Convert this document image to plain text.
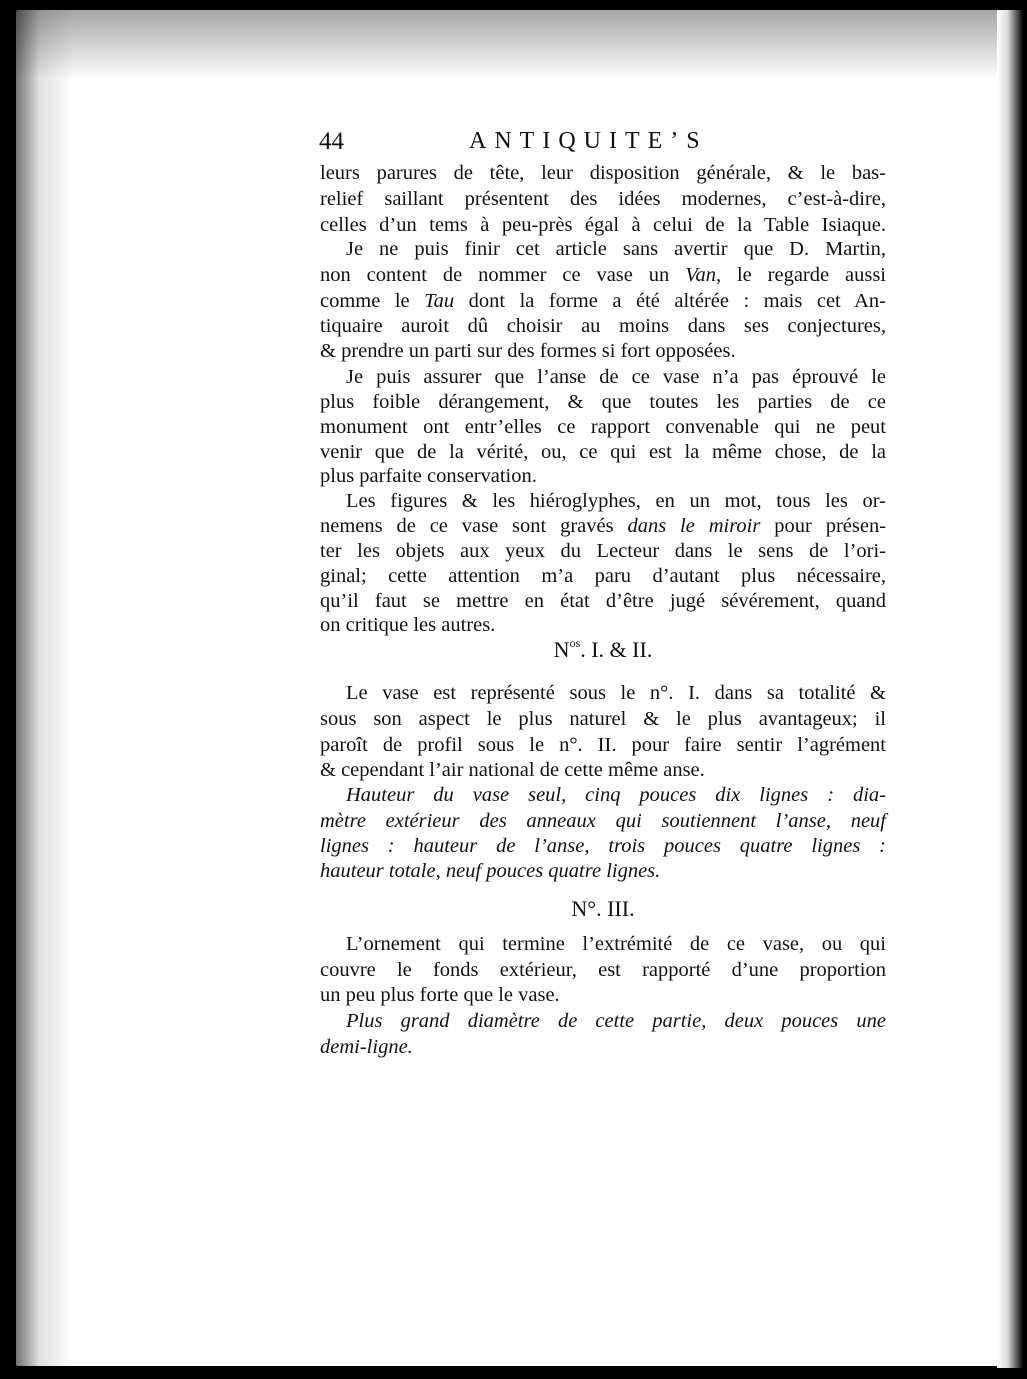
44	ANTIQUITE’S
leurs parures de tête, leur disposition générale, & le bas-
relief saillant présentent des idées modernes, c’est-à-dire,
celles d’un tems à peu-près égal à celui de la Table Isiaque.
Je ne puis finir cet article sans avertir que D. Martin,
non content de nommer ce vase un Van, le regarde aussi
comme le Tau dont la forme a été altérée : mais cet An-
tiquaire auroit dû choisir au moins dans ses conjectures,
& prendre un parti sur des formes si fort opposées.
Je puis assurer que l’anse de ce vase n’a pas éprouvé le
plus foible dérangement, & que toutes les parties de ce
monument ont entr’elles ce rapport convenable qui ne peut
venir que de la vérité, ou, ce qui est la même chose, de la
plus parfaite conservation.
Les figures & les hiéroglyphes, en un mot, tous les or-
nemens de ce vase sont gravés dans le miroir pour présen-
ter les objets aux yeux du Lecteur dans le sens de l’ori-
ginal; cette attention m’a paru d’autant plus nécessaire,
qu’il faut se mettre en état d’être jugé sévérement, quand
on critique les autres.
$N^{os}$. I. & II.
Le vase est représenté sous le n°. I. dans sa totalité &
sous son aspect le plus naturel & le plus avantageux; il
paroît de profil sous le n°. II. pour faire sentir l’agrément
& cependant l’air national de cette même anse.
Hauteur du vase seul, cinq pouces dix lignes : dia-
mètre extérieur des anneaux qui soutiennent l’anse, neuf
lignes : hauteur de l’anse, trois pouces quatre lignes :
hauteur totale, neuf pouces quatre lignes.
N°. III.
L’ornement qui termine l’extrémité de ce vase, ou qui
couvre le fonds extérieur, est rapporté d’une proportion
un peu plus forte que le vase.
Plus grand diamètre de cette partie, deux pouces une
demi-ligne.
